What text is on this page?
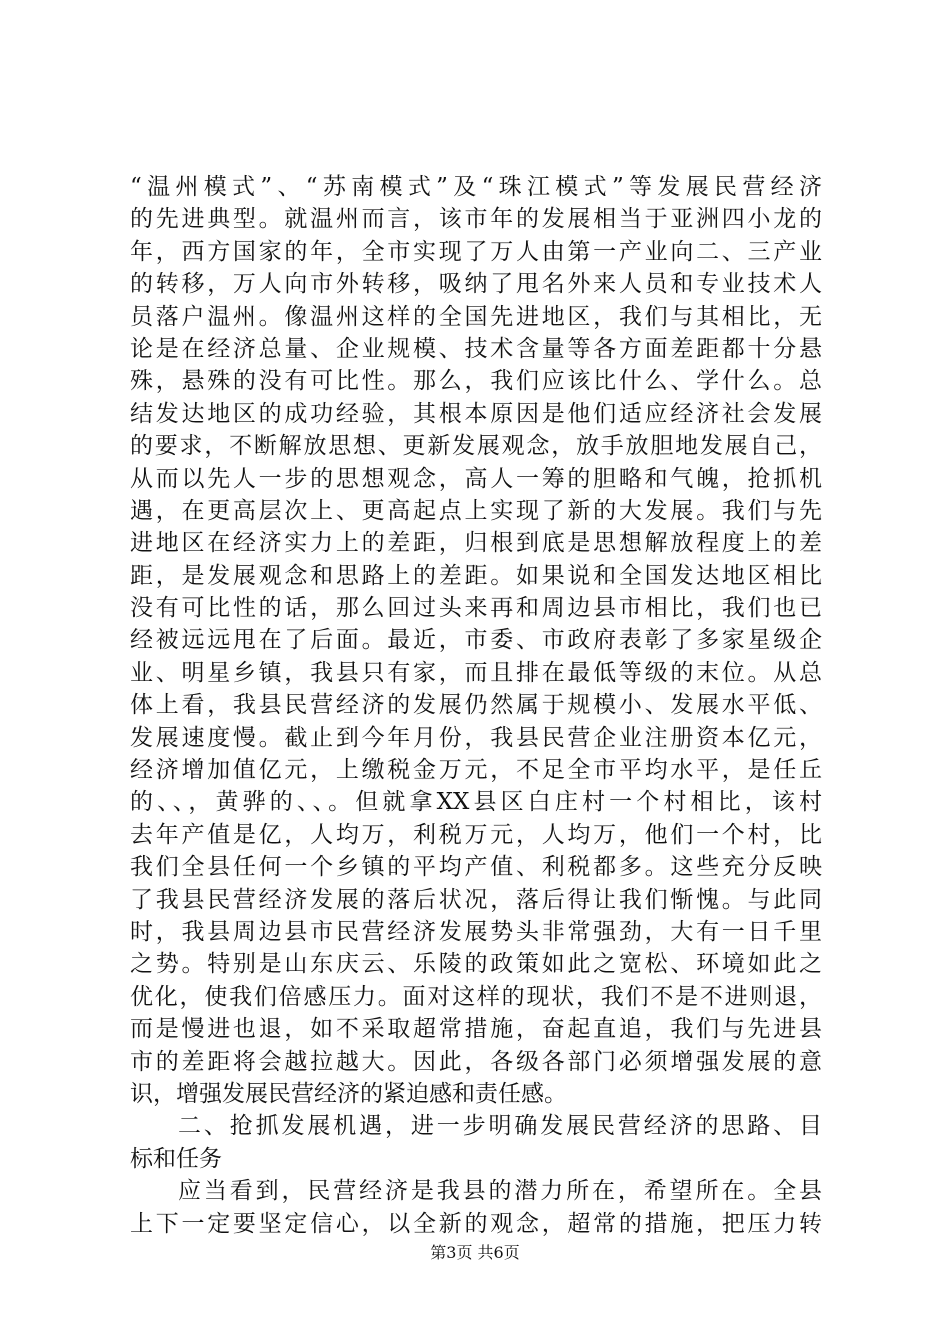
“温州模式”、“苏南模式”及“珠江模式”等发展民营经济
的先进典型。就温州而言，该市年的发展相当于亚洲四小龙的
年，西方国家的年，全市实现了万人由第一产业向二、三产业
的转移，万人向市外转移，吸纳了甩名外来人员和专业技术人
员落户温州。像温州这样的全国先进地区，我们与其相比，无
论是在经济总量、企业规模、技术含量等各方面差距都十分悬
殊，悬殊的没有可比性。那么，我们应该比什么、学什么。总
结发达地区的成功经验，其根本原因是他们适应经济社会发展
的要求，不断解放思想、更新发展观念，放手放胆地发展自己，
从而以先人一步的思想观念，高人一筹的胆略和气魄，抢抓机
遇，在更高层次上、更高起点上实现了新的大发展。我们与先
进地区在经济实力上的差距，归根到底是思想解放程度上的差
距，是发展观念和思路上的差距。如果说和全国发达地区相比
没有可比性的话，那么回过头来再和周边县市相比，我们也已
经被远远甩在了后面。最近，市委、市政府表彰了多家星级企
业、明星乡镇，我县只有家，而且排在最低等级的末位。从总
体上看，我县民营经济的发展仍然属于规模小、发展水平低、
发展速度慢。截止到今年月份，我县民营企业注册资本亿元，
经济增加值亿元，上缴税金万元，不足全市平均水平，是任丘
的、、，黄骅的、、。但就拿XX县区白庄村一个村相比，该村
去年产值是亿，人均万，利税万元，人均万，他们一个村，比
我们全县任何一个乡镇的平均产值、利税都多。这些充分反映
了我县民营经济发展的落后状况，落后得让我们惭愧。与此同
时，我县周边县市民营经济发展势头非常强劲，大有一日千里
之势。特别是山东庆云、乐陵的政策如此之宽松、环境如此之
优化，使我们倍感压力。面对这样的现状，我们不是不进则退，
而是慢进也退，如不采取超常措施，奋起直追，我们与先进县
市的差距将会越拉越大。因此，各级各部门必须增强发展的意
识，增强发展民营经济的紧迫感和责任感。
二、抢抓发展机遇，进一步明确发展民营经济的思路、目
标和任务
应当看到，民营经济是我县的潜力所在，希望所在。全县
上下一定要坚定信心，以全新的观念，超常的措施，把压力转
第3页 共6页
